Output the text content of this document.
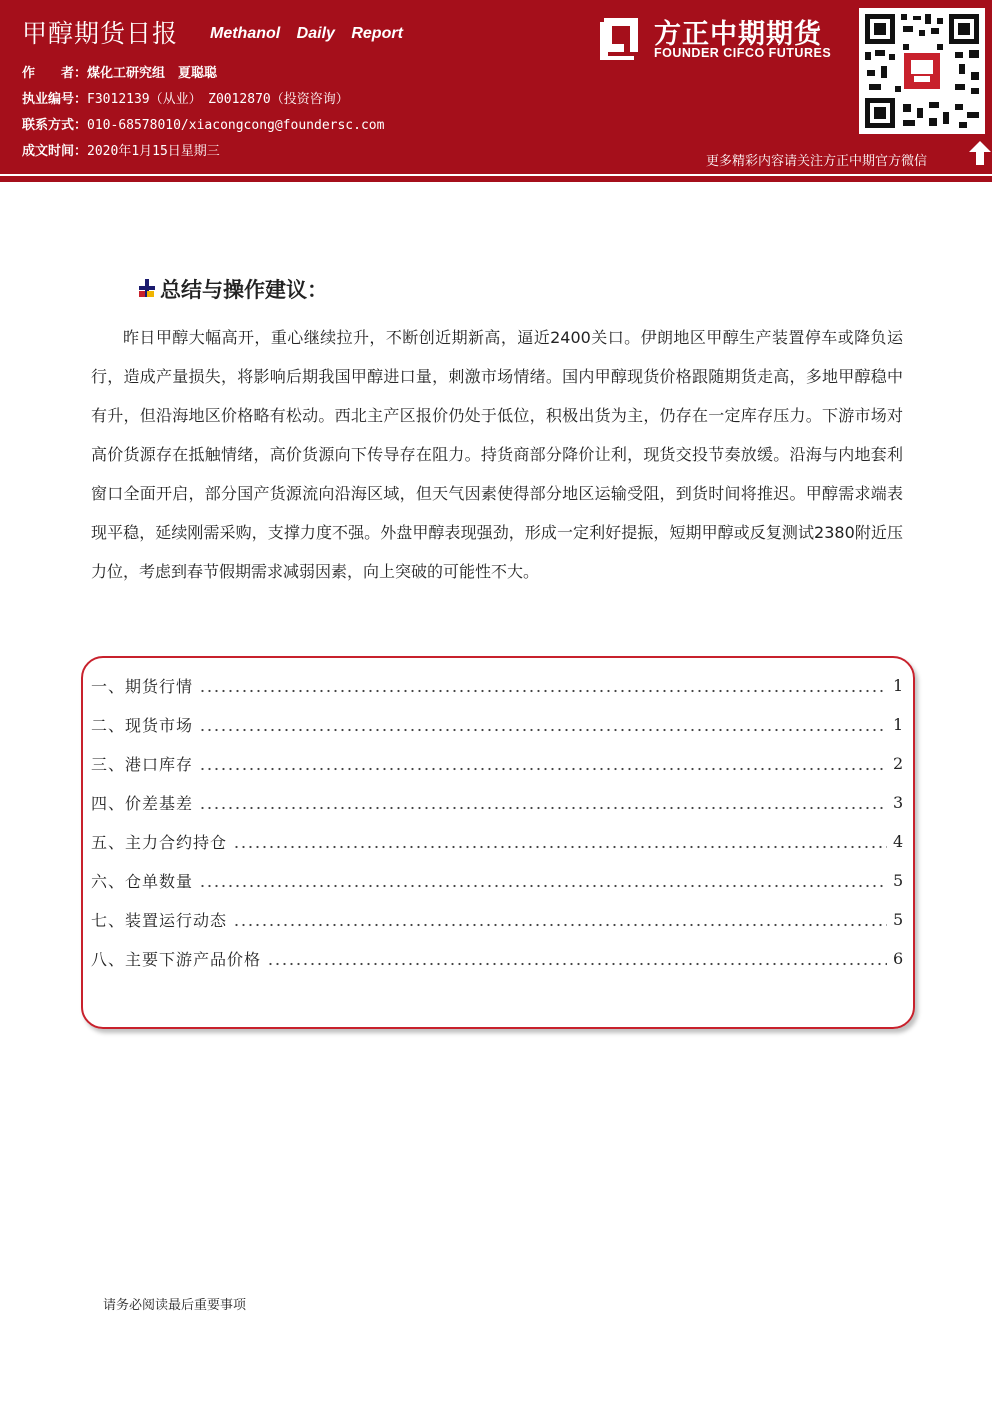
甲醇期货日报 Methanol Daily Report
作　　者：煤化工研究组　夏聪聪
执业编号：F3012139（从业）　Z0012870（投资咨询）
联系方式：010-68578010/xiacongcong@foundersc.com
成文时间：2020年1月15日星期三
方正中期期货
FOUNDER CIFCO FUTURES
更多精彩内容请关注方正中期官方微信
总结与操作建议：

昨日甲醇大幅高开，重心继续拉升，不断创近期新高，逼近2400关口。伊朗地区甲醇生产装置停车或降负运行，造成产量损失，将影响后期我国甲醇进口量，刺激市场情绪。国内甲醇现货价格跟随期货走高，多地甲醇稳中有升，但沿海地区价格略有松动。西北主产区报价仍处于低位，积极出货为主，仍存在一定库存压力。下游市场对高价货源存在抵触情绪，高价货源向下传导存在阻力。持货商部分降价让利，现货交投节奏放缓。沿海与内地套利窗口全面开启，部分国产货源流向沿海区域，但天气因素使得部分地区运输受阻，到货时间将推迟。甲醇需求端表现平稳，延续刚需采购，支撑力度不强。外盘甲醇表现强劲，形成一定利好提振，短期甲醇或反复测试2380附近压力位，考虑到春节假期需求减弱因素，向上突破的可能性不大。

一、期货行情	1
二、现货市场	1
三、港口库存	2
四、价差基差	3
五、主力合约持仓	4
六、仓单数量	5
七、装置运行动态	5
八、主要下游产品价格	6
请务必阅读最后重要事项
